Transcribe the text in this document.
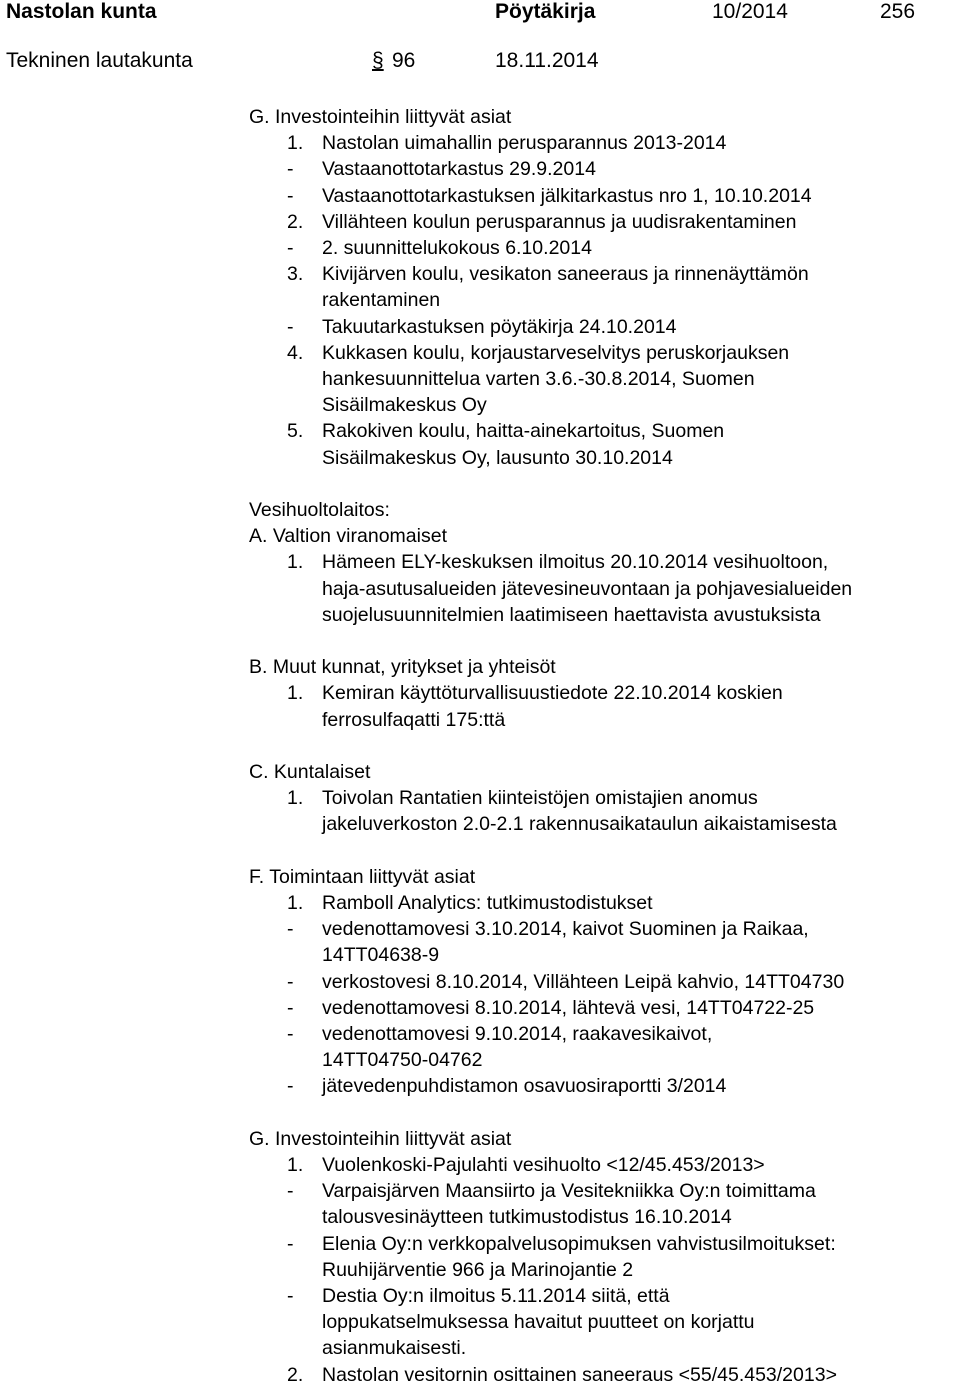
Nastolan kunta	Pöytäkirja	10/2014	256
Tekninen lautakunta	§ 96	18.11.2014
G. Investointeihin liittyvät asiat
1. Nastolan uimahallin perusparannus 2013-2014
- Vastaanottotarkastus 29.9.2014
- Vastaanottotarkastuksen jälkitarkastus nro 1, 10.10.2014
2. Villähteen koulun perusparannus ja uudisrakentaminen
- 2. suunnittelukokous 6.10.2014
3. Kivijärven koulu, vesikaton saneeraus ja rinnenäyttämön
rakentaminen
- Takuutarkastuksen pöytäkirja 24.10.2014
4. Kukkasen koulu, korjaustarveselvitys peruskorjauksen
hankesuunnittelua varten 3.6.-30.8.2014, Suomen
Sisäilmakeskus Oy
5. Rakokiven koulu, haitta-ainekartoitus, Suomen
Sisäilmakeskus Oy, lausunto 30.10.2014
Vesihuoltolaitos:
A. Valtion viranomaiset
1. Hämeen ELY-keskuksen ilmoitus 20.10.2014 vesihuoltoon,
haja-asutusalueiden jätevesineuvontaan ja pohjavesialueiden
suojelusuunnitelmien laatimiseen haettavista avustuksista
B. Muut kunnat, yritykset ja yhteisöt
1. Kemiran käyttöturvallisuustiedote 22.10.2014 koskien
ferrosulfaqatti 175:ttä
C. Kuntalaiset
1. Toivolan Rantatien kiinteistöjen omistajien anomus
jakeluverkoston 2.0-2.1 rakennusaikataulun aikaistamisesta
F. Toimintaan liittyvät asiat
1. Ramboll Analytics: tutkimustodistukset
- vedenottamovesi 3.10.2014, kaivot Suominen ja Raikaa,
14TT04638-9
- verkostovesi 8.10.2014, Villähteen Leipä kahvio, 14TT04730
- vedenottamovesi 8.10.2014, lähtevä vesi, 14TT04722-25
- vedenottamovesi 9.10.2014, raakavesikaivot,
14TT04750-04762
- jätevedenpuhdistamon osavuosiraportti 3/2014
G. Investointeihin liittyvät asiat
1. Vuolenkoski-Pajulahti vesihuolto <12/45.453/2013>
- Varpaisjärven Maansiirto ja Vesitekniikka Oy:n toimittama
talousvesinäytteen tutkimustodistus 16.10.2014
- Elenia Oy:n verkkopalvelusopimuksen vahvistusilmoitukset:
Ruuhijärventie 966 ja Marinojantie 2
- Destia Oy:n ilmoitus 5.11.2014 siitä, että
loppukatselmuksessa havaitut puutteet on korjattu
asianmukaisesti.
2. Nastolan vesitornin osittainen saneeraus <55/45.453/2013>
